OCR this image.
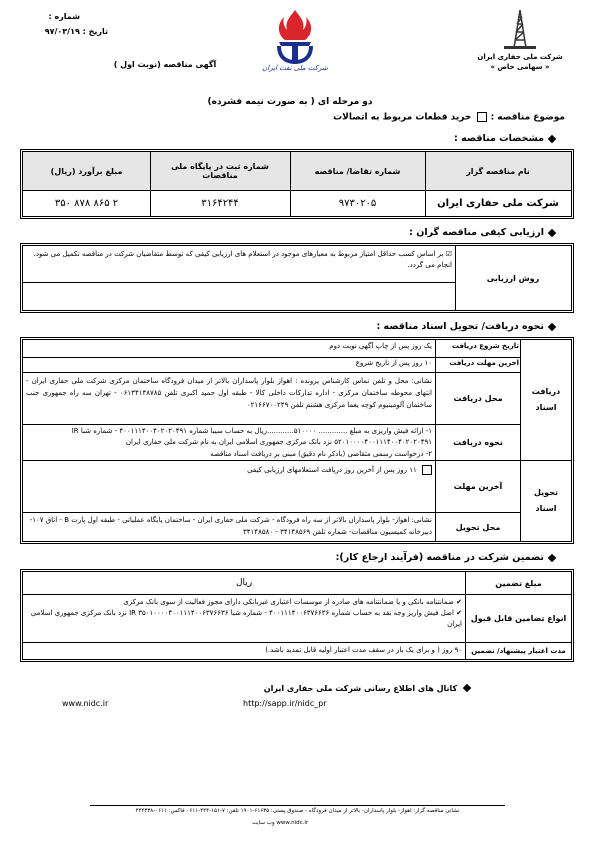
شماره :
تاریخ : ۹۷/۰۳/۱۹
شرکت ملی نفت ایران
شرکت ملی حفاری ایران
« سهامی خاص »
آگهی مناقصه (نوبت اول )
دو مرحله ای ( به صورت نیمه فشرده)
موضوع مناقصه :  خرید قطعات مربوط به اتصالات
مشخصات مناقصه :
نام مناقصه گزار
شماره تقاضا/ مناقصه
شماره ثبت در پایگاه ملی مناقصات
مبلغ برآورد (ریال)
شرکت ملی حفاری ایران
۹۷۳۰۲۰۵
۳۱۶۴۲۴۴
۲ ۸۶۵ ۸۷۸ ۳۵۰
ارزیابی کیفی مناقصه گران :
روش ارزیابی
☑ بر اساس کسب حداقل امتیاز مربوط به معیارهای موجود در استعلام های ارزیابی کیفی که توسط متقاضیان شرکت در مناقصه تکمیل می شود، انجام می گردد.
نحوه دریافت/ تحویل اسناد مناقصه :
دریافت اسناد
تحویل اسناد
تاریخ شروع دریافت
یک روز پس از چاپ آگهی نوبت دوم
آخرین مهلت دریافت
۱۰ روز پس از تاریخ شروع
محل دریافت
نشانی: محل و تلفن تماس کارشناس پرونده : اهواز بلوار پاسداران بالاتر از میدان فرودگاه ساختمان مرکزی شرکت ملی حفاری ایران - انتهای محوطه ساختمان مرکزی - اداره تدارکات داخلی کالا - طبقه اول حمید اکبری تلفن ۰۶۱۳۴۱۴۸۷۸۵ - تهران سه راه جمهوری جنب ساختمان آلومینیوم کوچه یغما مرکزی هشتم تلفن ۰۲۱۶۶۷۰۰۲۴۹
نحوه دریافت
۱- ارائه فیش واریزی به مبلغ ............. ۵۱۰۰۰۰............ریال به حساب سیبا شماره ۴۰۰۱۱۱۴۰۰۴۰۲۰۲۰۴۹۱ - شماره شبا IR ۵۲۰۱۰۰۰۰۴۰۰۱۱۱۴۰۰۴۰۲۰۲۰۴۹۱ نزد بانک مرکزی جمهوری اسلامی ایران به نام شرکت ملی حفاری ایران
۲- درخواست رسمی متقاضی (بادکر نام دقیق) مبنی بر دریافت اسناد مناقصه
آخرین مهلت
۱۱ روز پس از آخرین روز دریافت استعلامهای ارزیابی کیفی
محل تحویل
نشانی: اهواز- بلوار پاسداران بالاتر از سه راه فرودگاه - شرکت ملی حفاری ایران - ساختمان پایگاه عملیاتی - طبقه اول پارت B - اتاق ۱۰۷- دبیرخانه کمیسیون مناقصات- شماره تلفن ۳۴۱۴۸۵۶۹ - ۳۴۱۴۸۵۸۰
تضمین شرکت در مناقصه (فرآیند ارجاع کار):
مبلغ تضمین
ریال
انواع تضامین قابل قبول
✔ ضمانتنامه بانکی و یا ضمانتنامه های صادره از موسسات اعتباری غیربانکی دارای مجوز فعالیت از سوی بانک مرکزی
✔ اصل فیش واریز وجه نقد به حساب شماره ۴۰۰۱۱۱۴۰۰۶۳۷۶۶۳۶ - شماره شبا IR ۳۵۰۱۰۰۰۰۴۰۰۱۱۱۴۰۰۶۳۷۶۶۳۶ نزد بانک مرکزی جمهوری اسلامی ایران
مدت اعتبار پیشنهاد/ تضمین
۹۰ روز ( و برای یک بار در سقف مدت اعتبار اولیه قابل تمدید باشد.)
کانال های اطلاع رسانی شرکت ملی حفاری ایران
www.nidc.ir	http://sapp.ir/nidc_pr
نشانی مناقصه گزار: اهواز- بلوار پاسداران- بالاتر از میدان فرودگاه - صندوق پستی: ۶۱۶۳۵-۱۹۰۱ تلفن: ۷-۱۵۱-۴۴۴-۰۶۱۱ فاکس: ۰۶۱۱-۴۴۴۳۳۸
www.nidc.ir وب سایت
